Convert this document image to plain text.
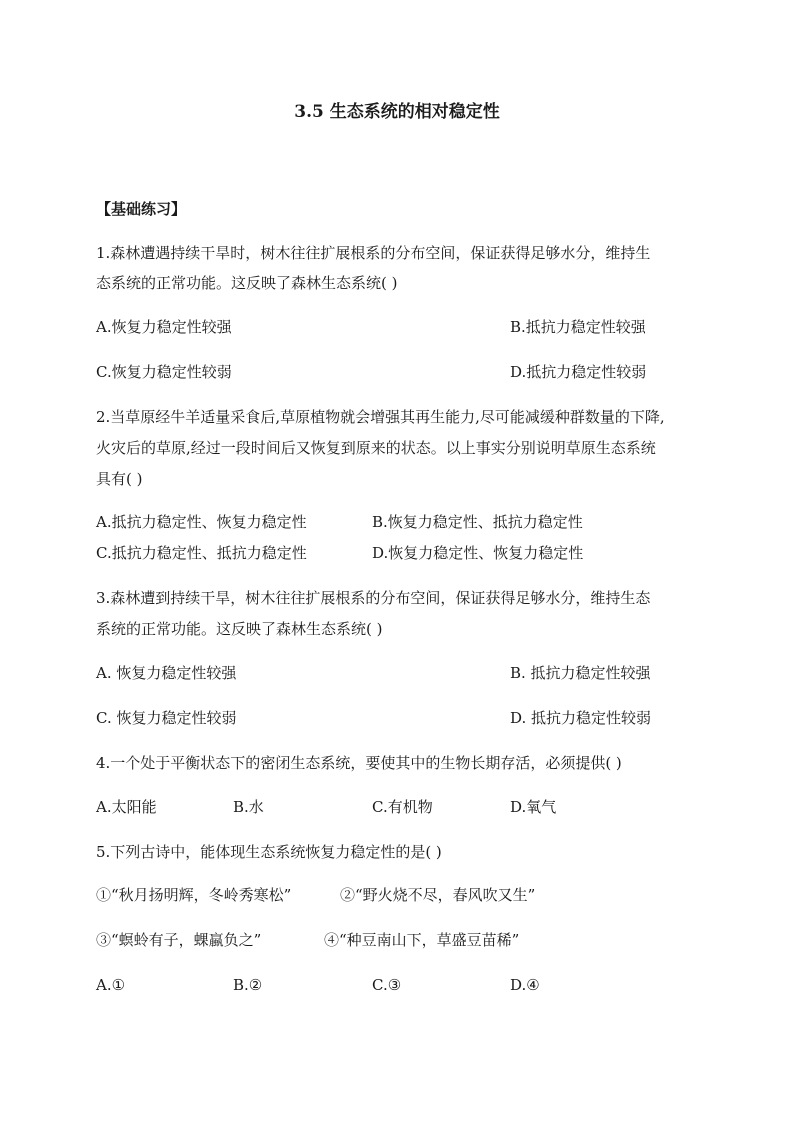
3.5 生态系统的相对稳定性
【基础练习】
1.森林遭遇持续干旱时，树木往往扩展根系的分布空间，保证获得足够水分，维持生
态系统的正常功能。这反映了森林生态系统( )
A.恢复力稳定性较强	B.抵抗力稳定性较强
C.恢复力稳定性较弱	D.抵抗力稳定性较弱
2.当草原经牛羊适量采食后,草原植物就会增强其再生能力,尽可能减缓种群数量的下降,
火灾后的草原,经过一段时间后又恢复到原来的状态。以上事实分别说明草原生态系统
具有( )
A.抵抗力稳定性、恢复力稳定性	B.恢复力稳定性、抵抗力稳定性
C.抵抗力稳定性、抵抗力稳定性	D.恢复力稳定性、恢复力稳定性
3.森林遭到持续干旱，树木往往扩展根系的分布空间，保证获得足够水分，维持生态
系统的正常功能。这反映了森林生态系统( )
A. 恢复力稳定性较强	B. 抵抗力稳定性较强
C. 恢复力稳定性较弱	D. 抵抗力稳定性较弱
4.一个处于平衡状态下的密闭生态系统，要使其中的生物长期存活，必须提供( )
A.太阳能	B.水	C.有机物	D.氧气
5.下列古诗中，能体现生态系统恢复力稳定性的是( )
①“秋月扬明辉，冬岭秀寒松”	②“野火烧不尽，春风吹又生”
③“螟蛉有子，蜾蠃负之”	④“种豆南山下，草盛豆苗稀”
A.①	B.②	C.③	D.④
